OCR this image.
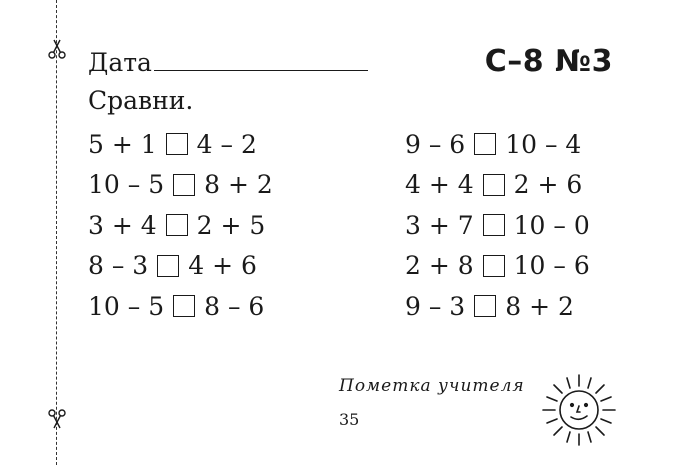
Дата	С–8 №3
Сравни.
5 + 1 4 – 2
10 – 5 8 + 2
3 + 4 2 + 5
8 – 3 4 + 6
10 – 5 8 – 6
9 – 6 10 – 4
4 + 4 2 + 6
3 + 7 10 – 0
2 + 8 10 – 6
9 – 3 8 + 2
Пометка учителя
35
